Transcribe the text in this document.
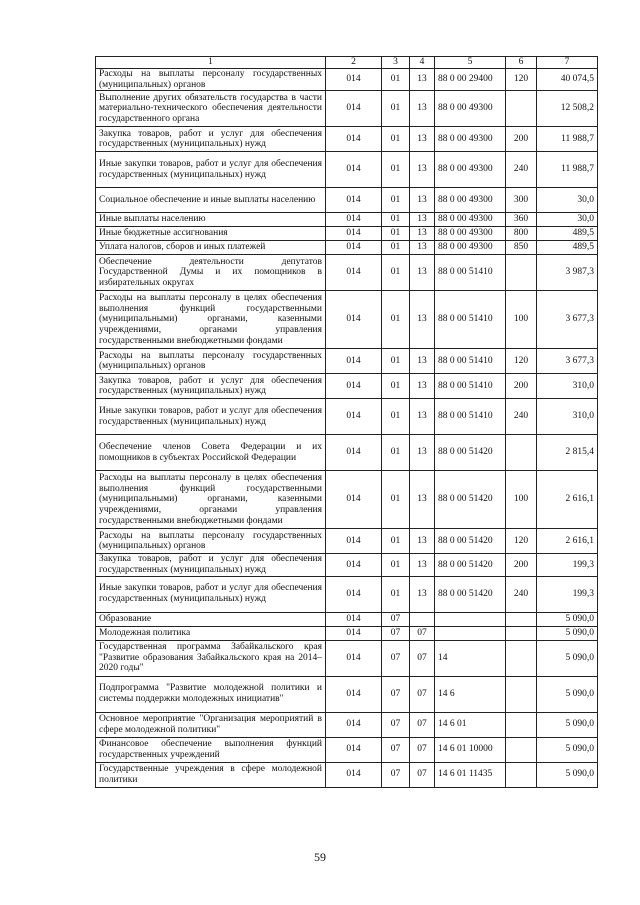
1	2	3	4	5	6	7
Расходы на выплаты персоналу государственных (муниципальных) органов	014	01	13	88 0 00 29400	120	40 074,5
Выполнение других обязательств государства в части материально-технического обеспечения деятельности государственного органа	014	01	13	88 0 00 49300		12 508,2
Закупка товаров, работ и услуг для обеспечения государственных (муниципальных) нужд	014	01	13	88 0 00 49300	200	11 988,7
Иные закупки товаров, работ и услуг для обеспечения государственных (муниципальных) нужд	014	01	13	88 0 00 49300	240	11 988,7
Социальное обеспечение и иные выплаты населению	014	01	13	88 0 00 49300	300	30,0
Иные выплаты населению	014	01	13	88 0 00 49300	360	30,0
Иные бюджетные ассигнования	014	01	13	88 0 00 49300	800	489,5
Уплата налогов, сборов и иных платежей	014	01	13	88 0 00 49300	850	489,5
Обеспечение деятельности депутатов Государственной Думы и их помощников в избирательных округах	014	01	13	88 0 00 51410		3 987,3
Расходы на выплаты персоналу в целях обеспечения выполнения функций государственными (муниципальными) органами, казенными учреждениями, органами управления государственными внебюджетными фондами	014	01	13	88 0 00 51410	100	3 677,3
Расходы на выплаты персоналу государственных (муниципальных) органов	014	01	13	88 0 00 51410	120	3 677,3
Закупка товаров, работ и услуг для обеспечения государственных (муниципальных) нужд	014	01	13	88 0 00 51410	200	310,0
Иные закупки товаров, работ и услуг для обеспечения государственных (муниципальных) нужд	014	01	13	88 0 00 51410	240	310,0
Обеспечение членов Совета Федерации и их помощников в субъектах Российской Федерации	014	01	13	88 0 00 51420		2 815,4
Расходы на выплаты персоналу в целях обеспечения выполнения функций государственными (муниципальными) органами, казенными учреждениями, органами управления государственными внебюджетными фондами	014	01	13	88 0 00 51420	100	2 616,1
Расходы на выплаты персоналу государственных (муниципальных) органов	014	01	13	88 0 00 51420	120	2 616,1
Закупка товаров, работ и услуг для обеспечения государственных (муниципальных) нужд	014	01	13	88 0 00 51420	200	199,3
Иные закупки товаров, работ и услуг для обеспечения государственных (муниципальных) нужд	014	01	13	88 0 00 51420	240	199,3
Образование	014	07				5 090,0
Молодежная политика	014	07	07			5 090,0
Государственная программа Забайкальского края "Развитие образования Забайкальского края на 2014–2020 годы"	014	07	07	14		5 090,0
Подпрограмма "Развитие молодежной политики и системы поддержки молодежных инициатив"	014	07	07	14 6		5 090,0
Основное мероприятие "Организация мероприятий в сфере молодежной политики"	014	07	07	14 6 01		5 090,0
Финансовое обеспечение выполнения функций государственных учреждений	014	07	07	14 6 01 10000		5 090,0
Государственные учреждения в сфере молодежной политики	014	07	07	14 6 01 11435		5 090,0
59
